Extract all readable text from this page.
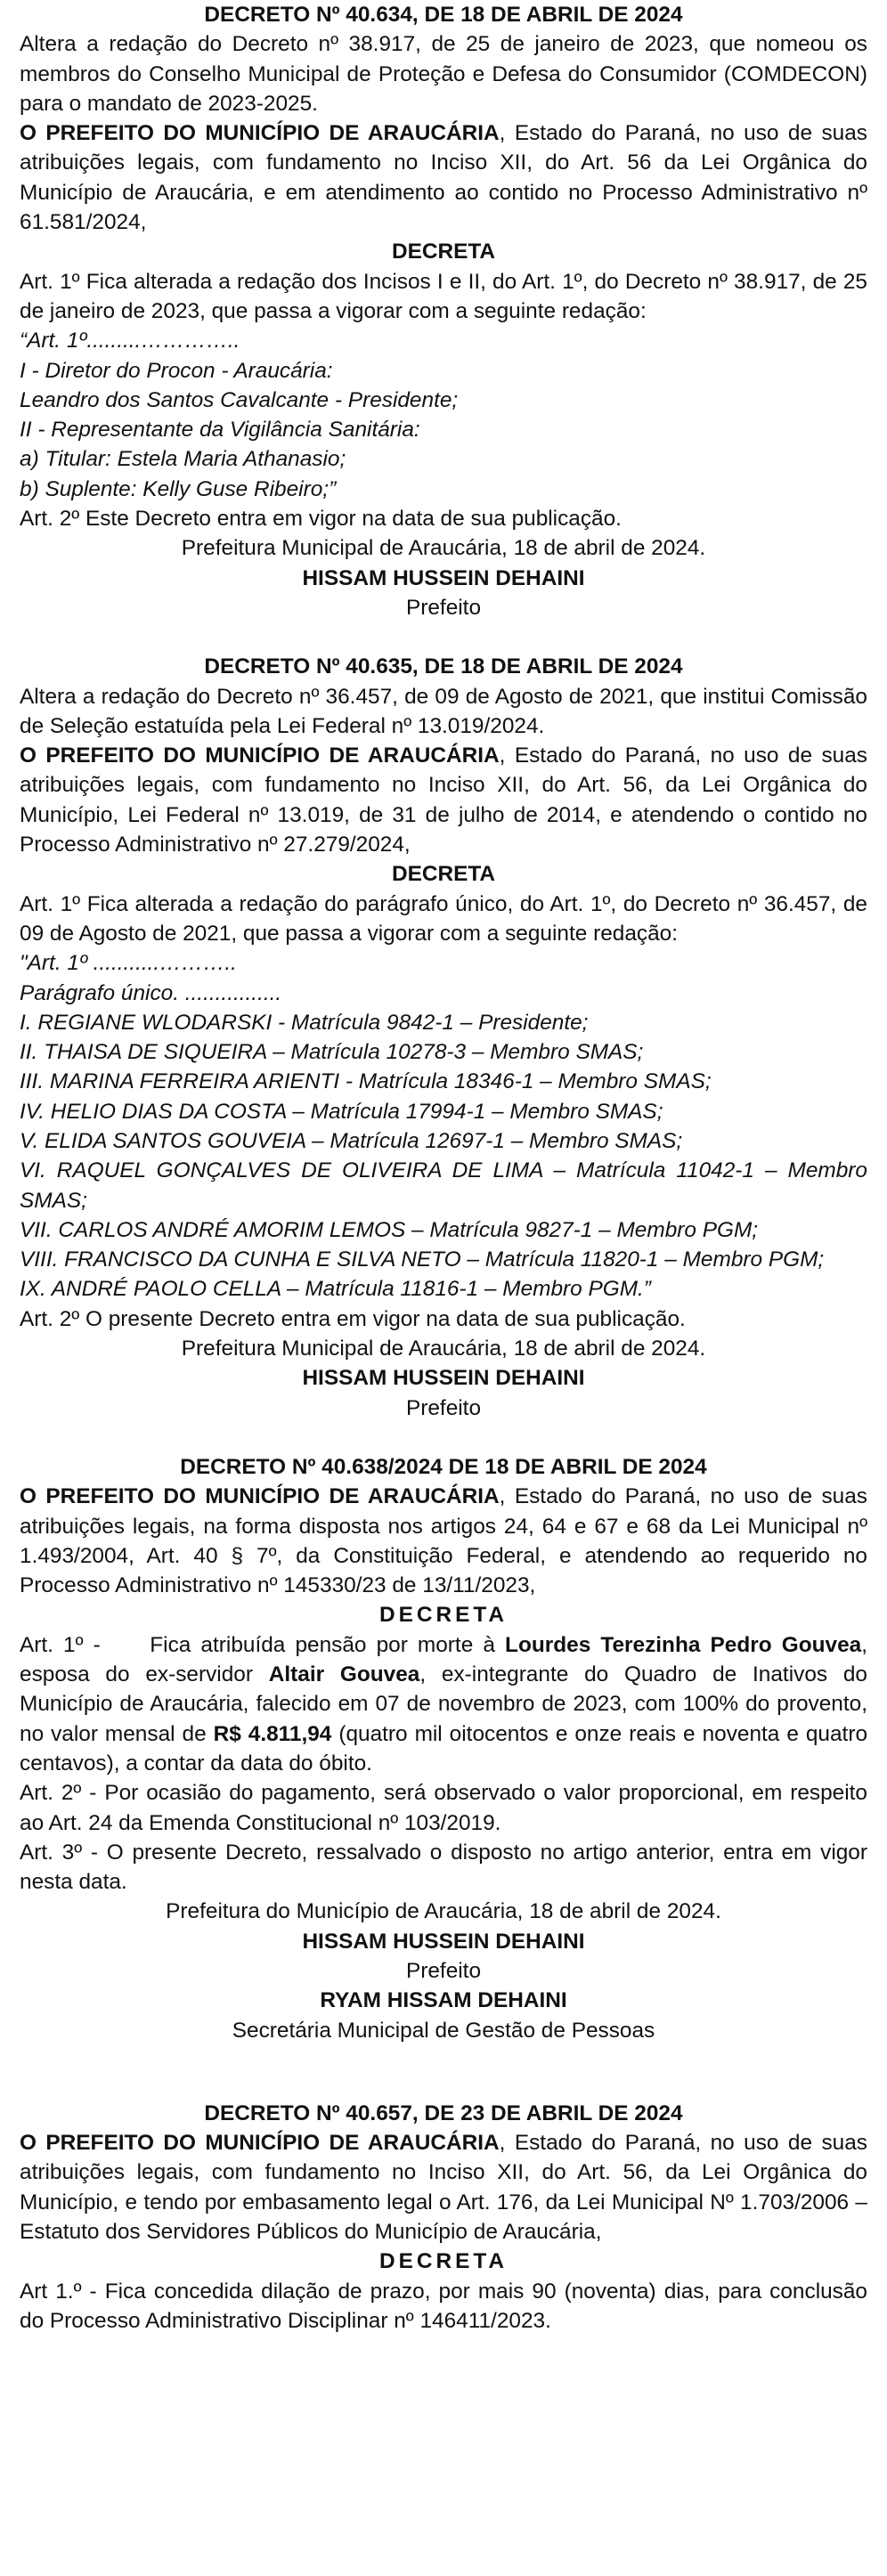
DECRETO Nº 40.634, DE 18 DE ABRIL DE 2024

Altera a redação do Decreto nº 38.917, de 25 de janeiro de 2023, que nomeou os membros do Conselho Municipal de Proteção e Defesa do Consumidor (COMDECON) para o mandato de 2023-2025.

O PREFEITO DO MUNICÍPIO DE ARAUCÁRIA, Estado do Paraná, no uso de suas atribuições legais, com fundamento no Inciso XII, do Art. 56 da Lei Orgânica do Município de Araucária, e em atendimento ao contido no Processo Administrativo nº 61.581/2024,

DECRETA

Art. 1º Fica alterada a redação dos Incisos I e II, do Art. 1º, do Decreto nº 38.917, de 25 de janeiro de 2023, que passa a vigorar com a seguinte redação:

“Art. 1º.........…………..

I - Diretor do Procon - Araucária:

Leandro dos Santos Cavalcante - Presidente;

II - Representante da Vigilância Sanitária:

a) Titular: Estela Maria Athanasio;

b) Suplente: Kelly Guse Ribeiro;”

Art. 2º Este Decreto entra em vigor na data de sua publicação.

Prefeitura Municipal de Araucária, 18 de abril de 2024.

HISSAM HUSSEIN DEHAINI

Prefeito

DECRETO Nº 40.635, DE 18 DE ABRIL DE 2024

Altera a redação do Decreto nº 36.457, de 09 de Agosto de 2021, que institui Comissão de Seleção estatuída pela Lei Federal nº 13.019/2024.

O PREFEITO DO MUNICÍPIO DE ARAUCÁRIA, Estado do Paraná, no uso de suas atribuições legais, com fundamento no Inciso XII, do Art. 56, da Lei Orgânica do Município, Lei Federal nº 13.019, de 31 de julho de 2014, e atendendo o contido no Processo Administrativo nº 27.279/2024,

DECRETA

Art. 1º Fica alterada a redação do parágrafo único, do Art. 1º, do Decreto nº 36.457, de 09 de Agosto de 2021, que passa a vigorar com a seguinte redação:

"Art. 1º ...........………..

Parágrafo único. ................

I. REGIANE WLODARSKI - Matrícula 9842-1 – Presidente;

II. THAISA DE SIQUEIRA – Matrícula 10278-3 – Membro SMAS;

III. MARINA FERREIRA ARIENTI - Matrícula 18346-1 – Membro SMAS;

IV. HELIO DIAS DA COSTA – Matrícula 17994-1 – Membro SMAS;

V. ELIDA SANTOS GOUVEIA – Matrícula 12697-1 – Membro SMAS;

VI. RAQUEL GONÇALVES DE OLIVEIRA DE LIMA – Matrícula 11042-1 – Membro SMAS;

VII. CARLOS ANDRÉ AMORIM LEMOS – Matrícula 9827-1 – Membro PGM;

VIII. FRANCISCO DA CUNHA E SILVA NETO – Matrícula 11820-1 – Membro PGM;

IX. ANDRÉ PAOLO CELLA – Matrícula 11816-1 – Membro PGM.”

Art. 2º O presente Decreto entra em vigor na data de sua publicação.

Prefeitura Municipal de Araucária, 18 de abril de 2024.

HISSAM HUSSEIN DEHAINI

Prefeito

DECRETO Nº 40.638/2024 DE 18 DE ABRIL DE 2024

O PREFEITO DO MUNICÍPIO DE ARAUCÁRIA, Estado do Paraná, no uso de suas atribuições legais, na forma disposta nos artigos 24, 64 e 67 e 68 da Lei Municipal nº 1.493/2004, Art. 40 § 7º, da Constituição Federal, e atendendo ao requerido no Processo Administrativo nº 145330/23 de 13/11/2023,

DECRETA

Art. 1º -     Fica atribuída pensão por morte à Lourdes Terezinha Pedro Gouvea, esposa do ex-servidor Altair Gouvea, ex-integrante do Quadro de Inativos do Município de Araucária, falecido em 07 de novembro de 2023, com 100% do provento, no valor mensal de R$ 4.811,94 (quatro mil oitocentos e onze reais e noventa e quatro centavos), a contar da data do óbito.

Art. 2º - Por ocasião do pagamento, será observado o valor proporcional, em respeito ao Art. 24 da Emenda Constitucional nº 103/2019.

Art. 3º - O presente Decreto, ressalvado o disposto no artigo anterior, entra em vigor nesta data.

Prefeitura do Município de Araucária, 18 de abril de 2024.

HISSAM HUSSEIN DEHAINI

Prefeito

RYAM HISSAM DEHAINI

Secretária Municipal de Gestão de Pessoas

DECRETO Nº 40.657, DE 23 DE ABRIL DE 2024

O PREFEITO DO MUNICÍPIO DE ARAUCÁRIA, Estado do Paraná, no uso de suas atribuições legais, com fundamento no Inciso XII, do Art. 56, da Lei Orgânica do Município, e tendo por embasamento legal o Art. 176, da Lei Municipal Nº 1.703/2006 – Estatuto dos Servidores Públicos do Município de Araucária,

DECRETA

Art 1.º - Fica concedida dilação de prazo, por mais 90 (noventa) dias, para conclusão do Processo Administrativo Disciplinar nº 146411/2023.
